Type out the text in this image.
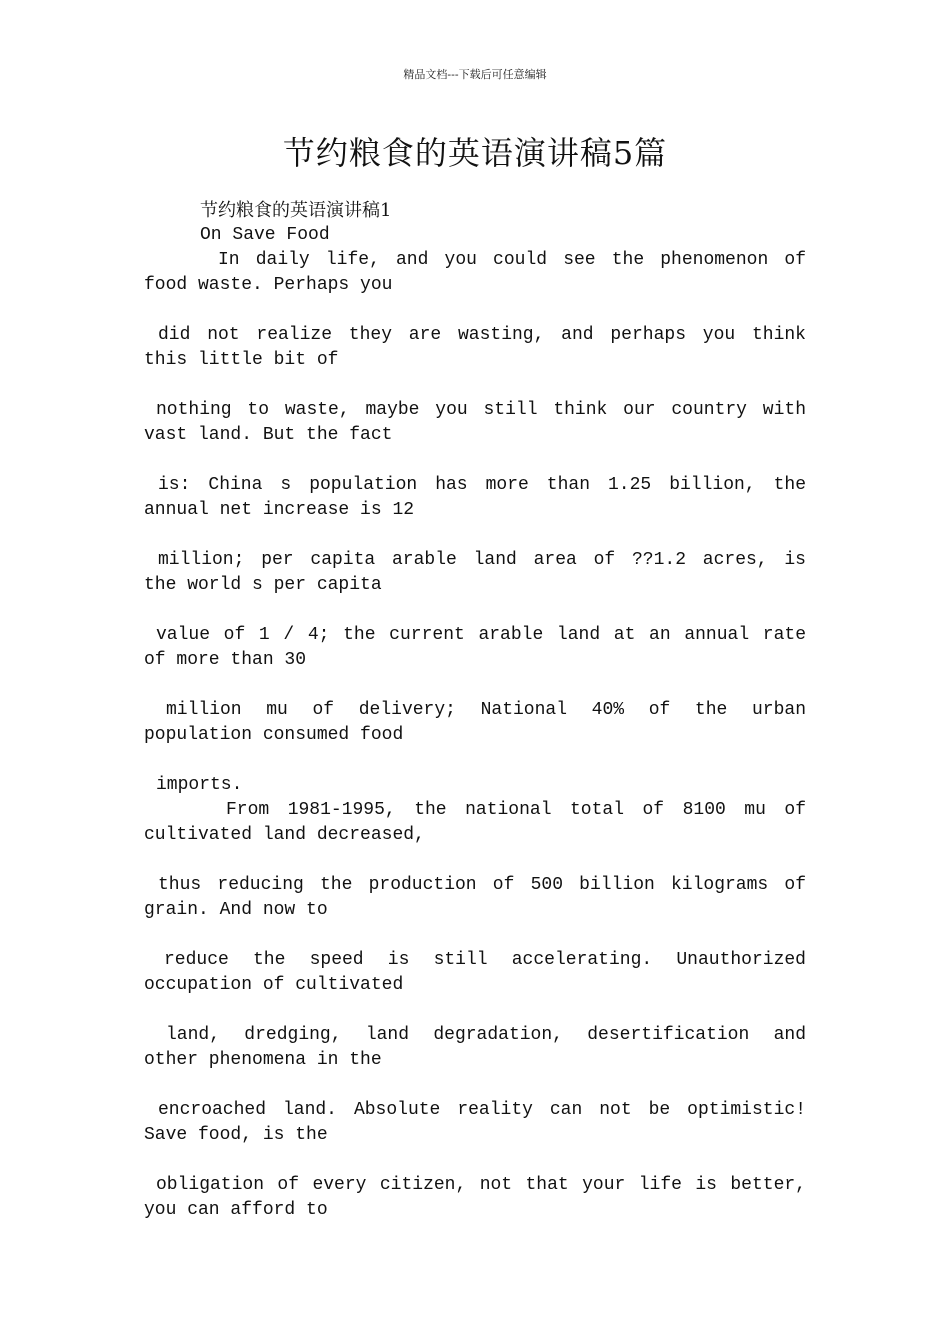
精品文档---下载后可任意编辑
节约粮食的英语演讲稿5篇
节约粮食的英语演讲稿1
On Save Food

In daily life, and you could see the phenomenon of
food waste. Perhaps you

did not realize they are wasting, and perhaps you think
this little bit of

nothing to waste, maybe you still think our country with
vast land. But the fact

is: China s population has more than 1.25 billion, the
annual net increase is 12

million; per capita arable land area of ??1.2 acres, is
the world s per capita

value of 1 / 4; the current arable land at an annual rate
of more than 30

million mu of delivery; National 40% of the urban
population consumed food

imports.

From 1981-1995, the national total of 8100 mu of
cultivated land decreased,

thus reducing the production of 500 billion kilograms of
grain. And now to

reduce the speed is still accelerating. Unauthorized
occupation of cultivated

land, dredging, land degradation, desertification and
other phenomena in the

encroached land. Absolute reality can not be optimistic!
Save food, is the

obligation of every citizen, not that your life is better,
you can afford to
